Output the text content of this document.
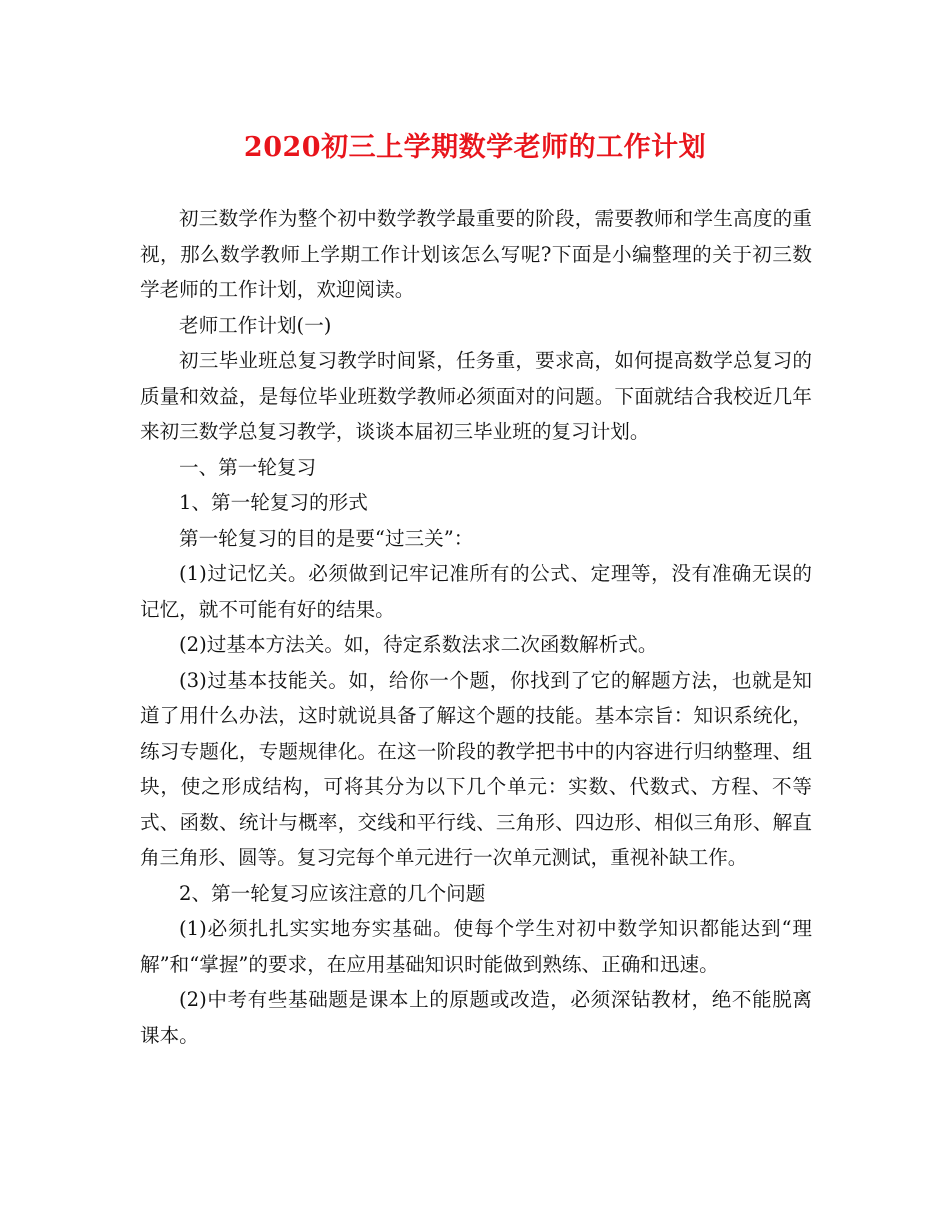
2020初三上学期数学老师的工作计划

初三数学作为整个初中数学教学最重要的阶段，需要教师和学生高度的重视，那么数学教师上学期工作计划该怎么写呢?下面是小编整理的关于初三数学老师的工作计划，欢迎阅读。

老师工作计划(一)

初三毕业班总复习教学时间紧，任务重，要求高，如何提高数学总复习的质量和效益，是每位毕业班数学教师必须面对的问题。下面就结合我校近几年来初三数学总复习教学，谈谈本届初三毕业班的复习计划。

一、第一轮复习

1、第一轮复习的形式

第一轮复习的目的是要“过三关”：

(1)过记忆关。必须做到记牢记准所有的公式、定理等，没有准确无误的记忆，就不可能有好的结果。

(2)过基本方法关。如，待定系数法求二次函数解析式。

(3)过基本技能关。如，给你一个题，你找到了它的解题方法，也就是知道了用什么办法，这时就说具备了解这个题的技能。基本宗旨：知识系统化，练习专题化，专题规律化。在这一阶段的教学把书中的内容进行归纳整理、组块，使之形成结构，可将其分为以下几个单元：实数、代数式、方程、不等式、函数、统计与概率，交线和平行线、三角形、四边形、相似三角形、解直角三角形、圆等。复习完每个单元进行一次单元测试，重视补缺工作。

2、第一轮复习应该注意的几个问题

(1)必须扎扎实实地夯实基础。使每个学生对初中数学知识都能达到“理解”和“掌握”的要求，在应用基础知识时能做到熟练、正确和迅速。

(2)中考有些基础题是课本上的原题或改造，必须深钻教材，绝不能脱离课本。
